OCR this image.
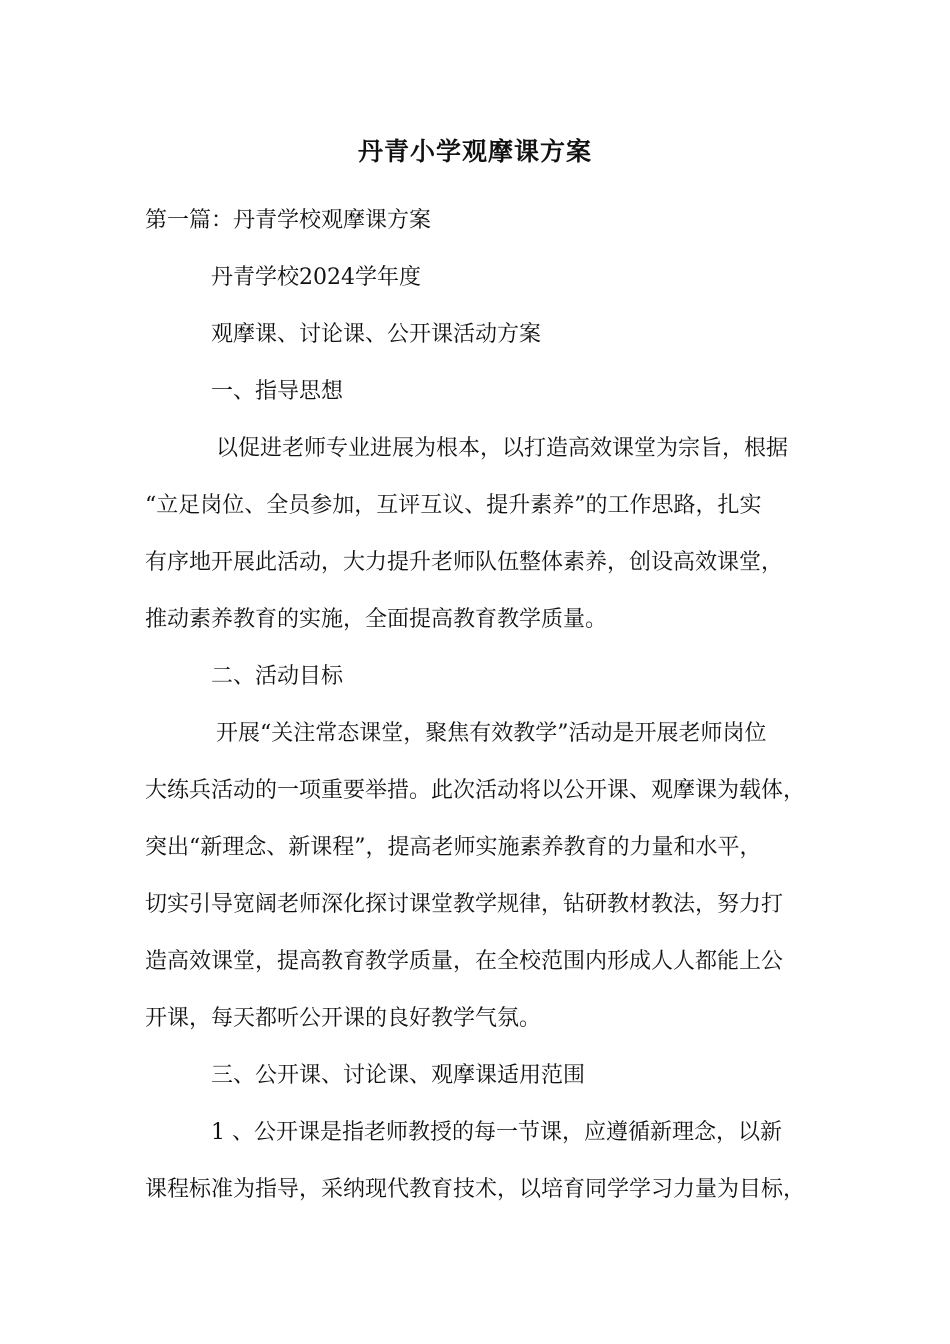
丹青小学观摩课方案
第一篇：丹青学校观摩课方案
丹青学校2024学年度
观摩课、讨论课、公开课活动方案
一、指导思想
以促进老师专业进展为根本，以打造高效课堂为宗旨，根据
“立足岗位、全员参加，互评互议、提升素养”的工作思路，扎实
有序地开展此活动，大力提升老师队伍整体素养，创设高效课堂，
推动素养教育的实施，全面提高教育教学质量。
二、活动目标
开展“关注常态课堂，聚焦有效教学”活动是开展老师岗位
大练兵活动的一项重要举措。此次活动将以公开课、观摩课为载体，
突出“新理念、新课程”，提高老师实施素养教育的力量和水平，
切实引导宽阔老师深化探讨课堂教学规律，钻研教材教法，努力打
造高效课堂，提高教育教学质量，在全校范围内形成人人都能上公
开课，每天都听公开课的良好教学气氛。
三、公开课、讨论课、观摩课适用范围
1 、公开课是指老师教授的每一节课，应遵循新理念，以新
课程标准为指导，采纳现代教育技术，以培育同学学习力量为目标，
